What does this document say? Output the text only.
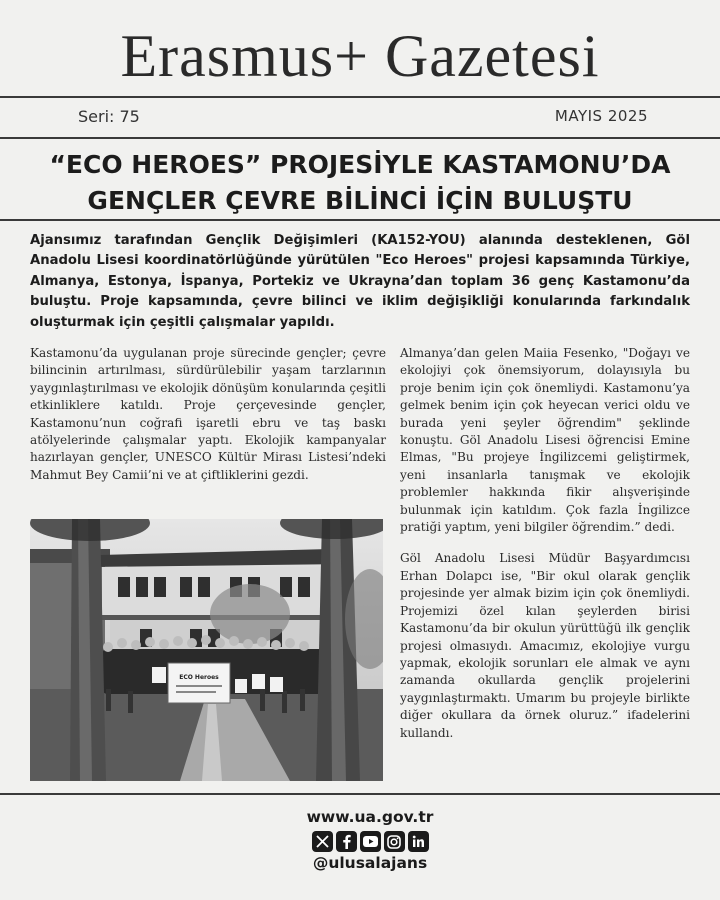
Erasmus+ Gazetesi
Seri: 75	MAYIS 2025
“ECO HEROES” PROJESİYLE KASTAMONU’DA GENÇLER ÇEVRE BİLİNCİ İÇİN BULUŞTU
Ajansımız tarafından Gençlik Değişimleri (KA152-YOU) alanında desteklenen, Göl Anadolu Lisesi koordinatörlüğünde yürütülen "Eco Heroes" projesi kapsamında Türkiye, Almanya, Estonya, İspanya, Portekiz ve Ukrayna’dan toplam 36 genç Kastamonu’da buluştu. Proje kapsamında, çevre bilinci ve iklim değişikliği konularında farkındalık oluşturmak için çeşitli çalışmalar yapıldı.

Kastamonu’da uygulanan proje sürecinde gençler; çevre bilincinin artırılması, sürdürülebilir yaşam tarzlarının yaygınlaştırılması ve ekolojik dönüşüm konularında çeşitli etkinliklere katıldı. Proje çerçevesinde gençler, Kastamonu’nun coğrafi işaretli ebru ve taş baskı atölyelerinde çalışmalar yaptı. Ekolojik kampanyalar hazırlayan gençler, UNESCO Kültür Mirası Listesi’ndeki Mahmut Bey Camii’ni ve at çiftliklerini gezdi.

ECO Heroes

Almanya’dan gelen Maiia Fesenko, "Doğayı ve ekolojiyi çok önemsiyorum, dolayısıyla bu proje benim için çok önemliydi. Kastamonu’ya gelmek benim için çok heyecan verici oldu ve burada yeni şeyler öğrendim" şeklinde konuştu. Göl Anadolu Lisesi öğrencisi Emine Elmas, "Bu projeye İngilizcemi geliştirmek, yeni insanlarla tanışmak ve ekolojik problemler hakkında fikir alışverişinde bulunmak için katıldım. Çok fazla İngilizce pratiği yaptım, yeni bilgiler öğrendim.” dedi.

Göl Anadolu Lisesi Müdür Başyardımcısı Erhan Dolapcı ise, "Bir okul olarak gençlik projesinde yer almak bizim için çok önemliydi. Projemizi özel kılan şeylerden birisi Kastamonu’da bir okulun yürüttüğü ilk gençlik projesi olmasıydı. Amacımız, ekolojiye vurgu yapmak, ekolojik sorunları ele almak ve aynı zamanda okullarda gençlik projelerini yaygınlaştırmaktı. Umarım bu projeyle birlikte diğer okullara da örnek oluruz.” ifadelerini kullandı.

www.ua.gov.tr
@ulusalajans
